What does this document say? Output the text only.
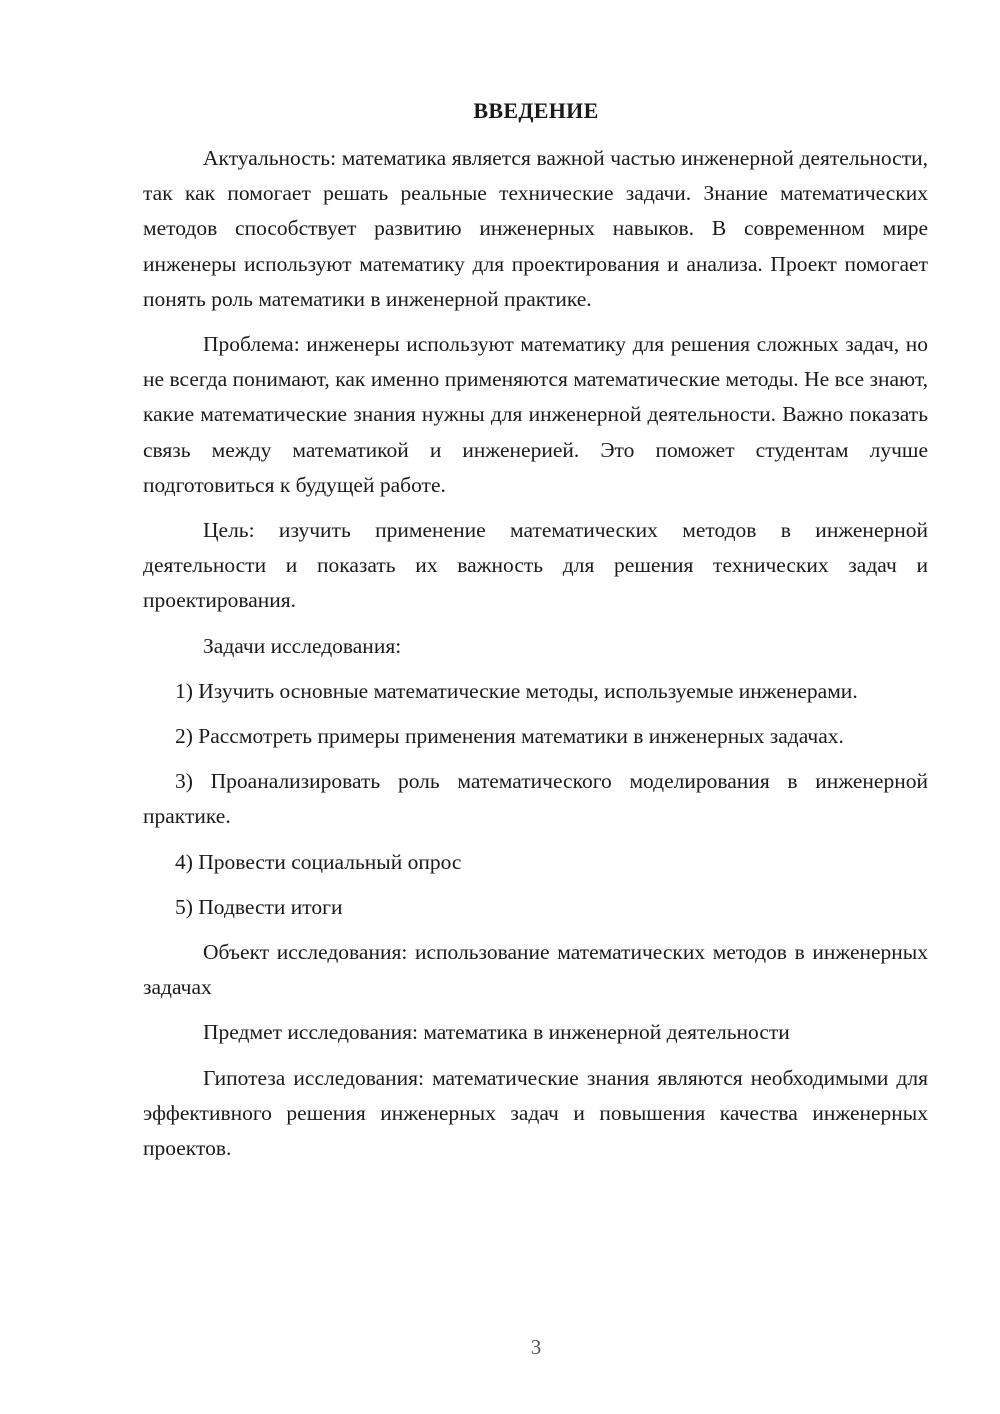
ВВЕДЕНИЕ

Актуальность: математика является важной частью инженерной деятельности, так как помогает решать реальные технические задачи. Знание математических методов способствует развитию инженерных навыков. В современном мире инженеры используют математику для проектирования и анализа. Проект помогает понять роль математики в инженерной практике.

Проблема: инженеры используют математику для решения сложных задач, но не всегда понимают, как именно применяются математические методы. Не все знают, какие математические знания нужны для инженерной деятельности. Важно показать связь между математикой и инженерией. Это поможет студентам лучше подготовиться к будущей работе.

Цель: изучить применение математических методов в инженерной деятельности и показать их важность для решения технических задач и проектирования.

Задачи исследования:

1) Изучить основные математические методы, используемые инженерами.

2) Рассмотреть примеры применения математики в инженерных задачах.

3) Проанализировать роль математического моделирования в инженерной практике.

4) Провести социальный опрос

5) Подвести итоги

Объект исследования: использование математических методов в инженерных задачах

Предмет исследования: математика в инженерной деятельности

Гипотеза исследования: математические знания являются необходимыми для эффективного решения инженерных задач и повышения качества инженерных проектов.

3
